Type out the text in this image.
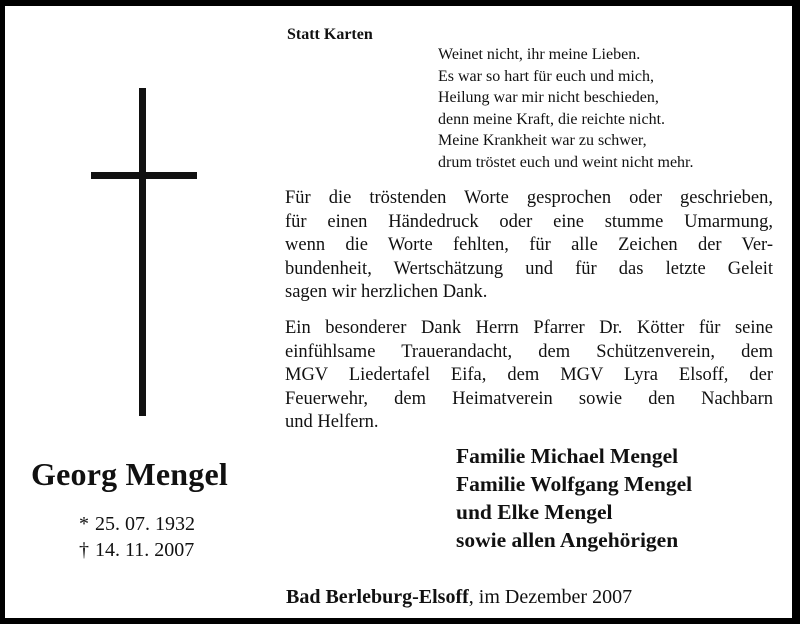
Statt Karten
Weinet nicht, ihr meine Lieben.
Es war so hart für euch und mich,
Heilung war mir nicht beschieden,
denn meine Kraft, die reichte nicht.
Meine Krankheit war zu schwer,
drum tröstet euch und weint nicht mehr.
Für die tröstenden Worte gesprochen oder geschrieben,
für einen Händedruck oder eine stumme Umarmung,
wenn die Worte fehlten, für alle Zeichen der Ver-
bundenheit, Wertschätzung und für das letzte Geleit
sagen wir herzlichen Dank.
Ein besonderer Dank Herrn Pfarrer Dr. Kötter für seine
einfühlsame Trauerandacht, dem Schützenverein, dem
MGV Liedertafel Eifa, dem MGV Lyra Elsoff, der
Feuerwehr, dem Heimatverein sowie den Nachbarn
und Helfern.
Georg Mengel
* 25. 07. 1932
† 14. 11. 2007
Familie Michael Mengel
Familie Wolfgang Mengel
und Elke Mengel
sowie allen Angehörigen
Bad Berleburg-Elsoff, im Dezember 2007
